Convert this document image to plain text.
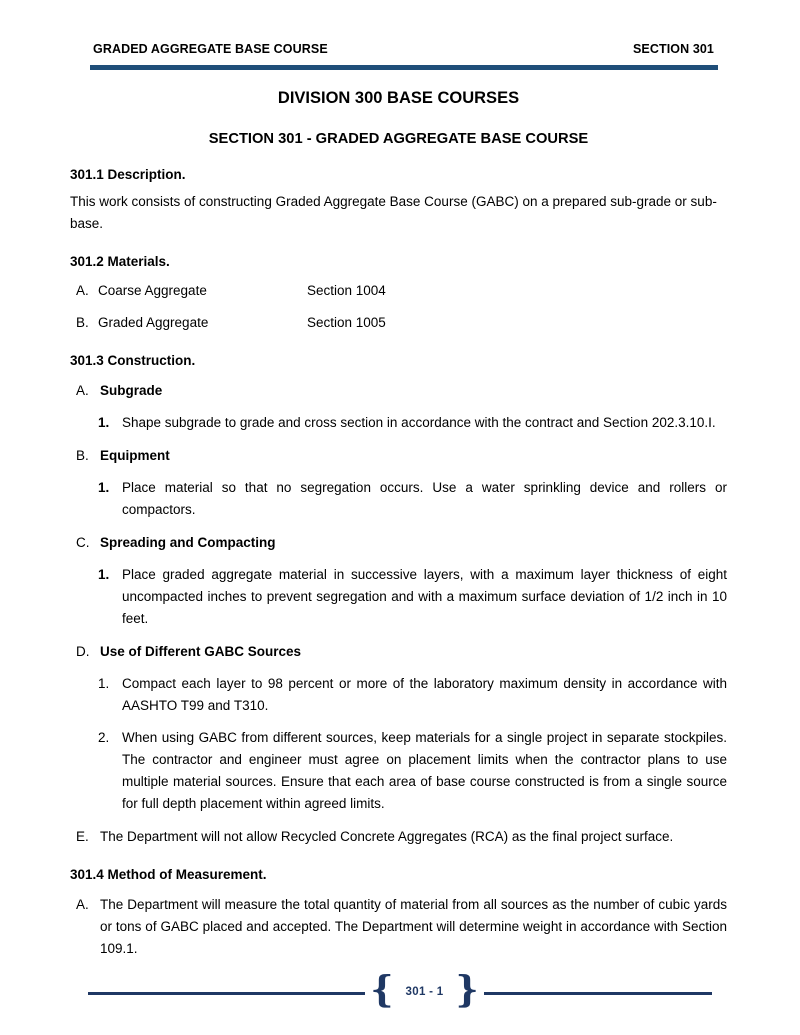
GRADED AGGREGATE BASE COURSE	SECTION 301
DIVISION 300 BASE COURSES
SECTION 301 - GRADED AGGREGATE BASE COURSE
301.1 Description.

This work consists of constructing Graded Aggregate Base Course (GABC) on a prepared sub-grade or sub-base.

301.2 Materials.
A. Coarse Aggregate	Section 1004
B. Graded Aggregate	Section 1005
301.3 Construction.
A. Subgrade
1. Shape subgrade to grade and cross section in accordance with the contract and Section 202.3.10.I.
B. Equipment
1. Place material so that no segregation occurs. Use a water sprinkling device and rollers or compactors.
C. Spreading and Compacting
1. Place graded aggregate material in successive layers, with a maximum layer thickness of eight uncompacted inches to prevent segregation and with a maximum surface deviation of 1/2 inch in 10 feet.
D. Use of Different GABC Sources
1. Compact each layer to 98 percent or more of the laboratory maximum density in accordance with AASHTO T99 and T310.
2. When using GABC from different sources, keep materials for a single project in separate stockpiles. The contractor and engineer must agree on placement limits when the contractor plans to use multiple material sources. Ensure that each area of base course constructed is from a single source for full depth placement within agreed limits.
E. The Department will not allow Recycled Concrete Aggregates (RCA) as the final project surface.
301.4 Method of Measurement.
A. The Department will measure the total quantity of material from all sources as the number of cubic yards or tons of GABC placed and accepted. The Department will determine weight in accordance with Section 109.1.
{	301 - 1 }
